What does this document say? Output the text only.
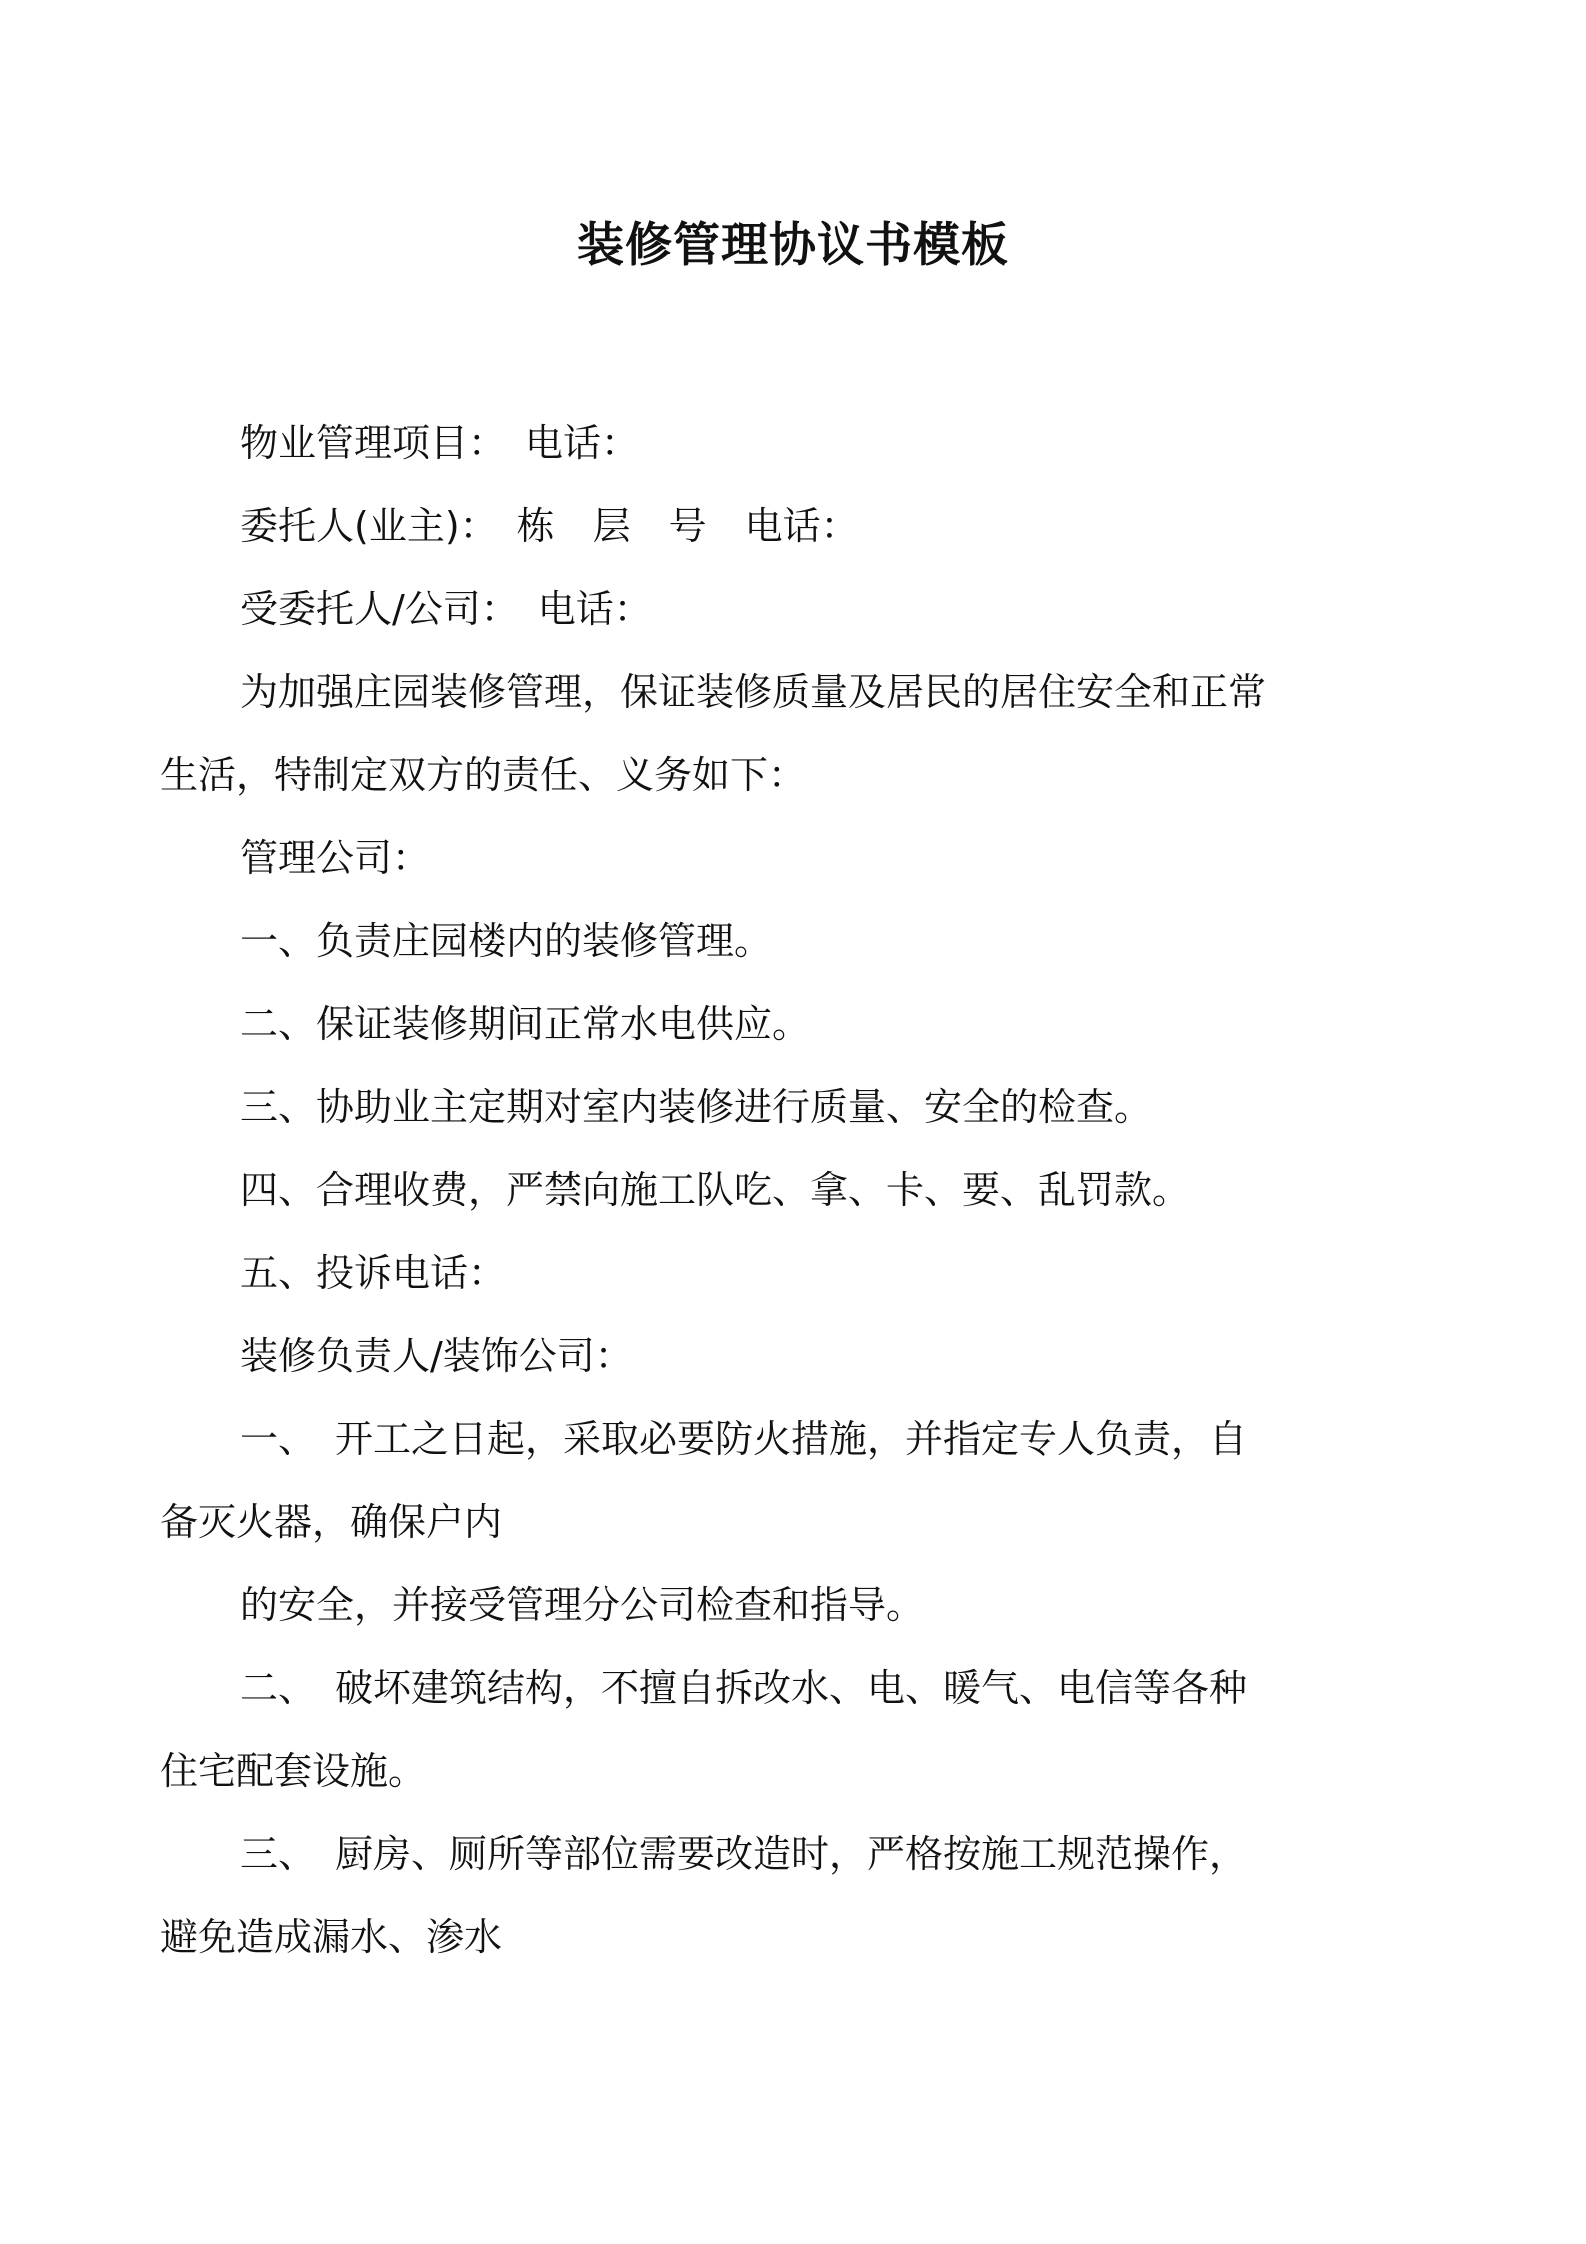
装修管理协议书模板

物业管理项目：　电话：

委托人(业主)：　栋　层　号　电话：

受委托人/公司：　电话：

为加强庄园装修管理，保证装修质量及居民的居住安全和正常生活，特制定双方的责任、义务如下：

管理公司：

一、负责庄园楼内的装修管理。

二、保证装修期间正常水电供应。

三、协助业主定期对室内装修进行质量、安全的检查。

四、合理收费，严禁向施工队吃、拿、卡、要、乱罚款。

五、投诉电话：

装修负责人/装饰公司：

一、　开工之日起，采取必要防火措施，并指定专人负责，自备灭火器，确保户内

的安全，并接受管理分公司检查和指导。

二、　破坏建筑结构，不擅自拆改水、电、暖气、电信等各种住宅配套设施。

三、　厨房、厕所等部位需要改造时，严格按施工规范操作，避免造成漏水、渗水
